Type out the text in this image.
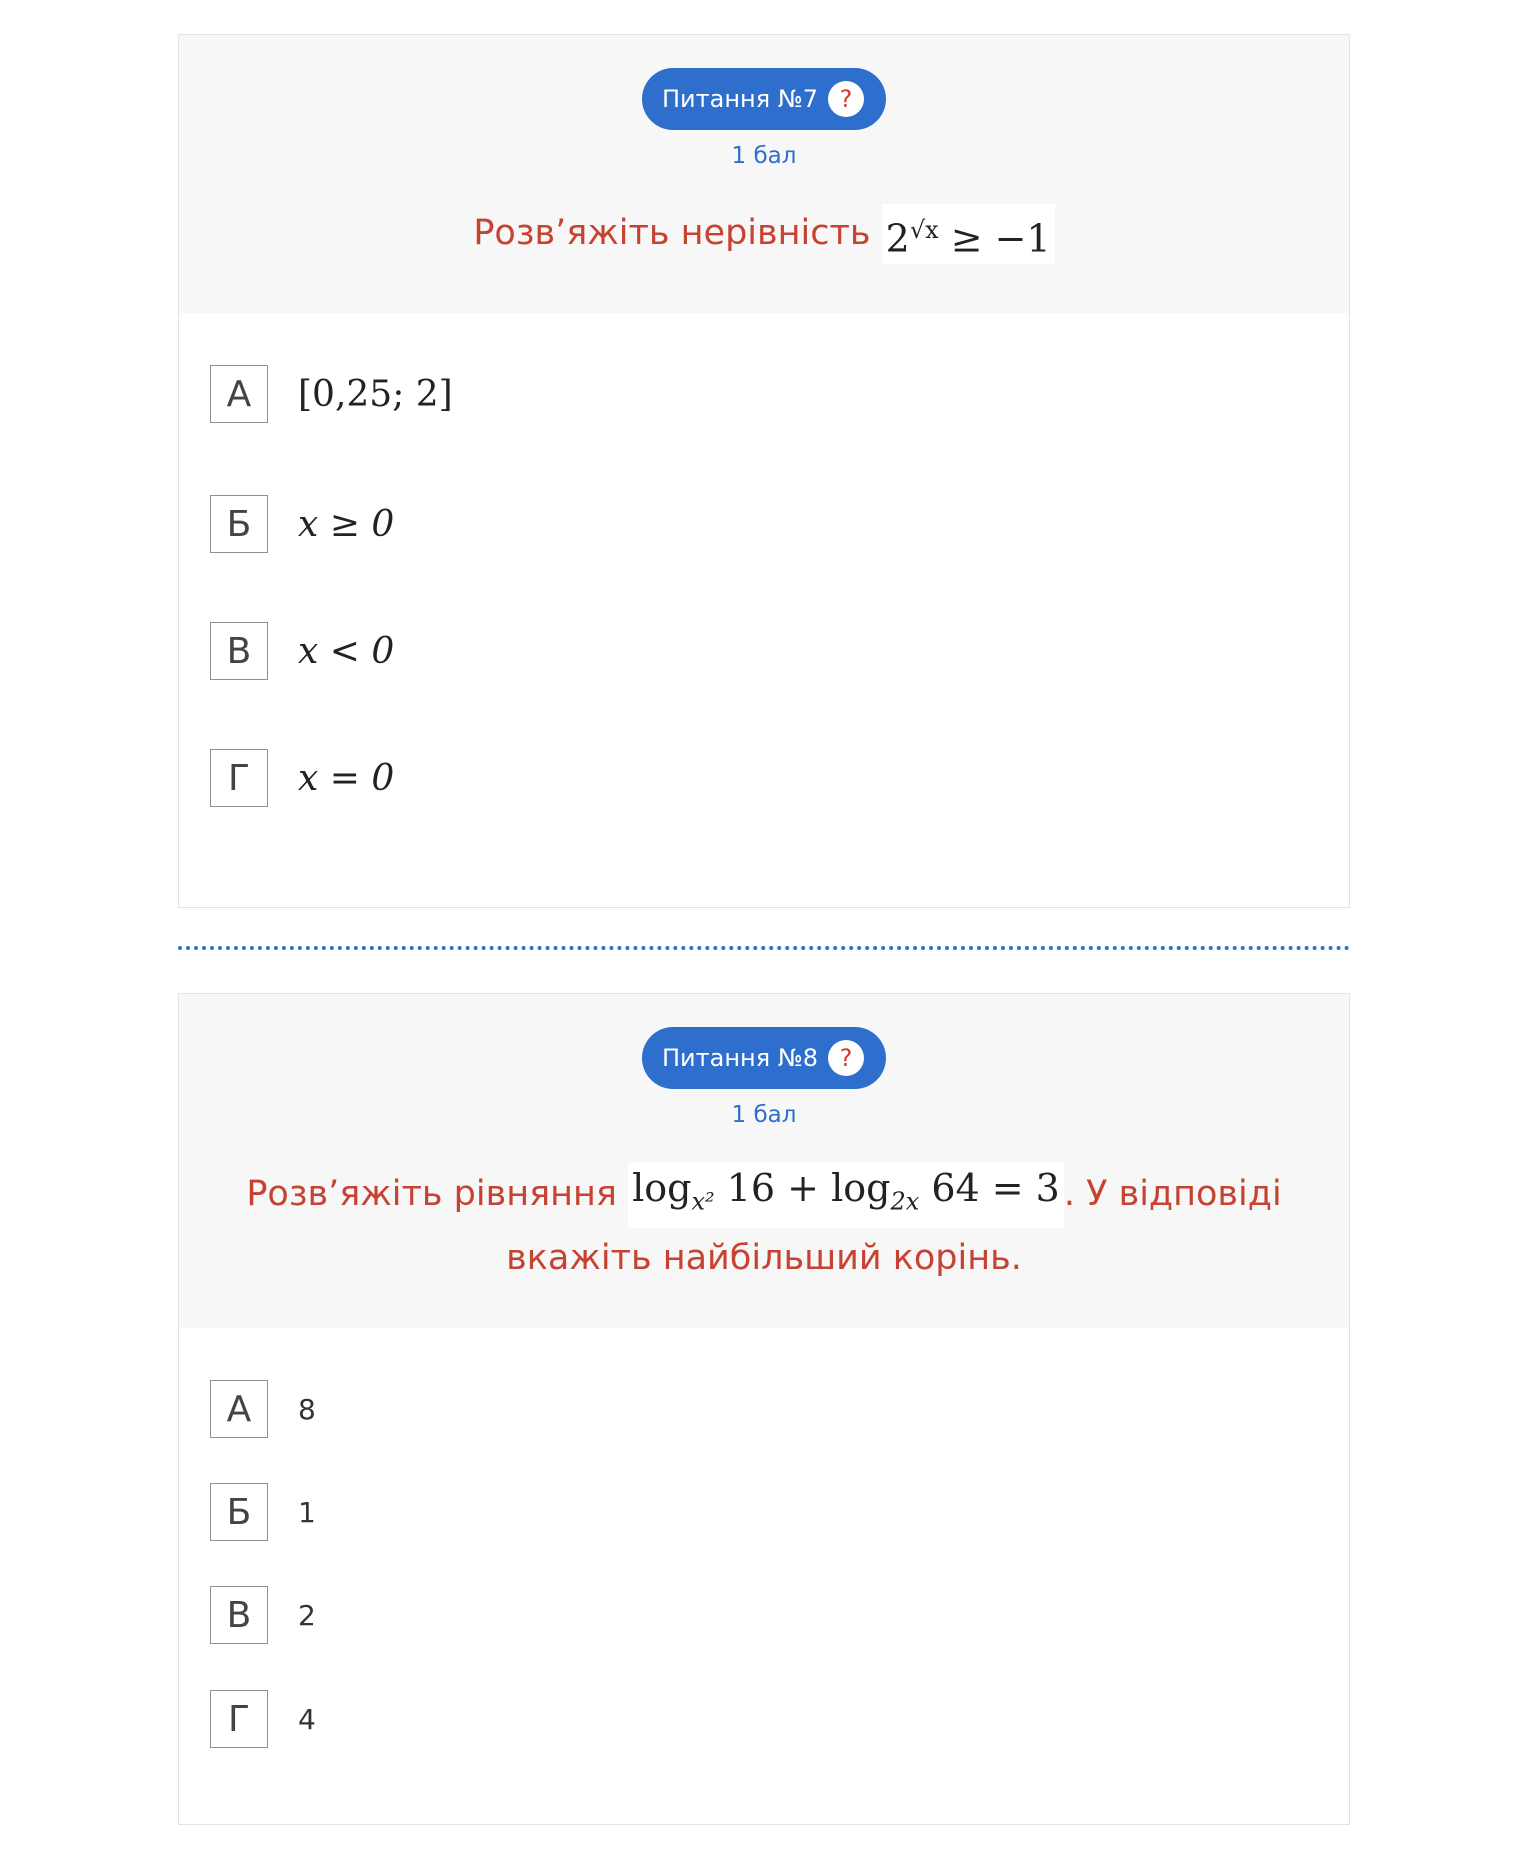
Питання №7 ?
1 бал
Розв’яжіть нерівність $2^{√x} \ge -1$
А	[0,25; 2]
Б	x ≥ 0
В	x < 0
Г	x = 0
Питання №8 ?
1 бал
Розв’яжіть рівняння $\log_{x^2} 16 + \log_{2x} 64 = 3$ . У відповіді вкажіть найбільший корінь.
А	8
Б	1
В	2
Г	4
